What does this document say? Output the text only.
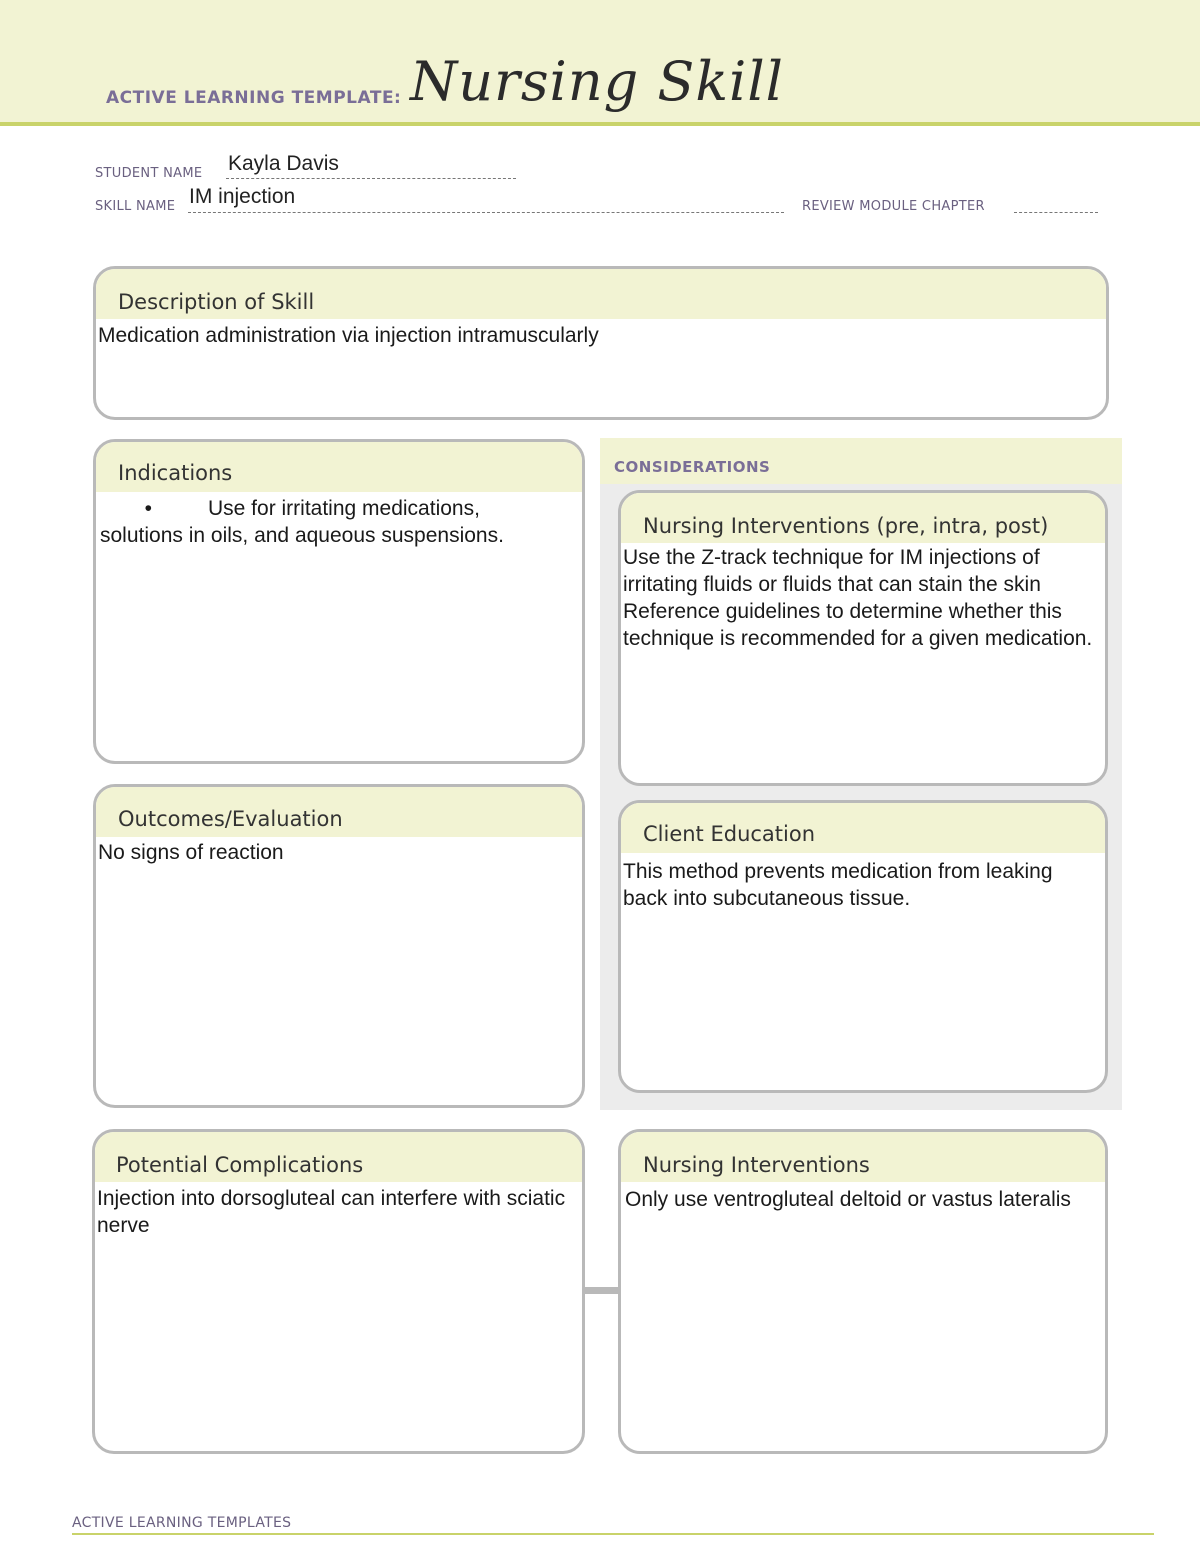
ACTIVE LEARNING TEMPLATE: Nursing Skill
STUDENT NAME Kayla Davis
SKILL NAME IM injection	REVIEW MODULE CHAPTER
Description of Skill
Medication administration via injection intramuscularly
Indications
•	Use for irritating medications,
solutions in oils, and aqueous suspensions.
Outcomes/Evaluation
No signs of reaction
CONSIDERATIONS
Nursing Interventions (pre, intra, post)
Use the Z-track technique for IM injections of irritating fluids or fluids that can stain the skin Reference guidelines to determine whether this technique is recommended for a given medication.
Client Education
This method prevents medication from leaking back into subcutaneous tissue.
Potential Complications
Injection into dorsogluteal can interfere with sciatic nerve
Nursing Interventions
Only use ventrogluteal deltoid or vastus lateralis
ACTIVE LEARNING TEMPLATES
